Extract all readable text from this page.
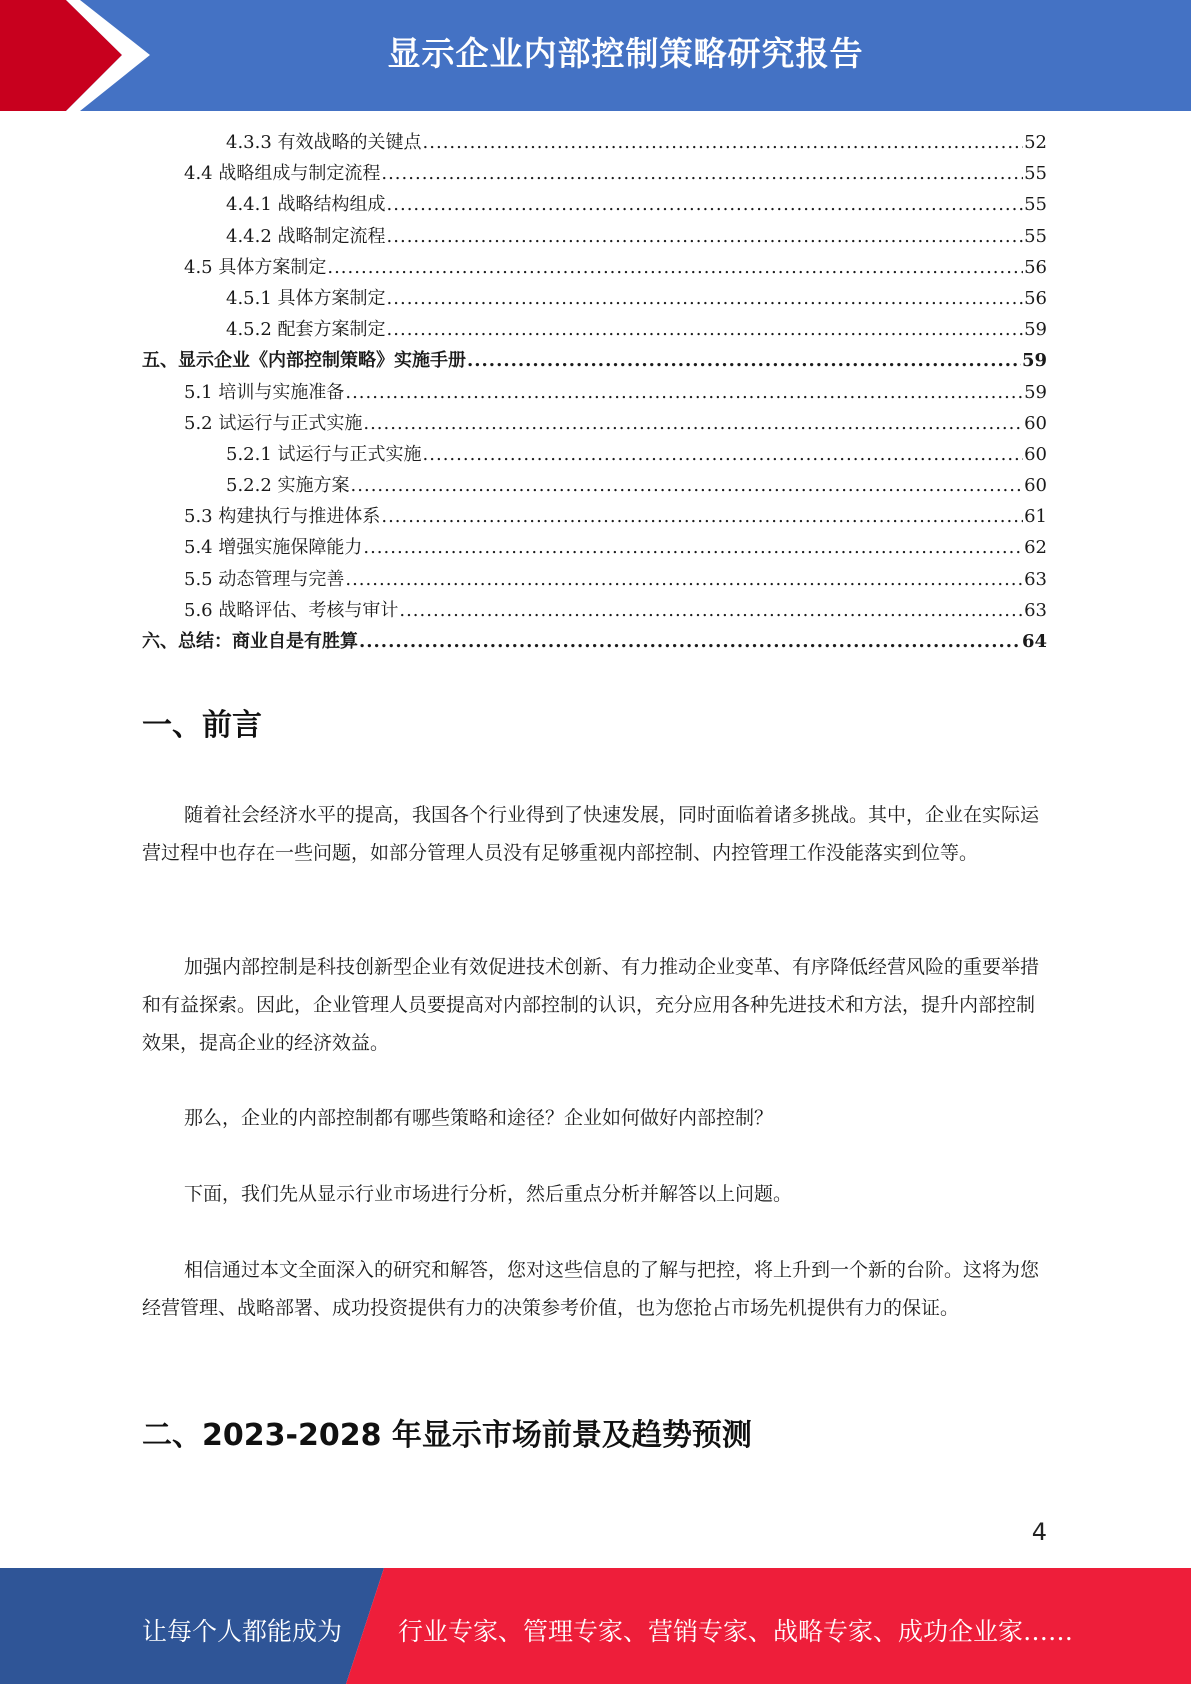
显示企业内部控制策略研究报告
4.3.3 有效战略的关键点 .....	52
4.4 战略组成与制定流程 .....	55
4.4.1 战略结构组成 .....	55
4.4.2 战略制定流程 .....	55
4.5 具体方案制定 .....	56
4.5.1 具体方案制定 .....	56
4.5.2 配套方案制定 .....	59
五、显示企业《内部控制策略》实施手册 .....	59
5.1 培训与实施准备 .....	59
5.2 试运行与正式实施 .....	60
5.2.1 试运行与正式实施 .....	60
5.2.2 实施方案 .....	60
5.3 构建执行与推进体系 .....	61
5.4 增强实施保障能力 .....	62
5.5 动态管理与完善 .....	63
5.6 战略评估、考核与审计 .....	63
六、总结：商业自是有胜算 .....	64
一、前言

随着社会经济水平的提高，我国各个行业得到了快速发展，同时面临着诸多挑战。其中，企业在实际运营过程中也存在一些问题，如部分管理人员没有足够重视内部控制、内控管理工作没能落实到位等。

加强内部控制是科技创新型企业有效促进技术创新、有力推动企业变革、有序降低经营风险的重要举措和有益探索。因此，企业管理人员要提高对内部控制的认识，充分应用各种先进技术和方法，提升内部控制效果，提高企业的经济效益。

那么，企业的内部控制都有哪些策略和途径？企业如何做好内部控制？

下面，我们先从显示行业市场进行分析，然后重点分析并解答以上问题。

相信通过本文全面深入的研究和解答，您对这些信息的了解与把控，将上升到一个新的台阶。这将为您经营管理、战略部署、成功投资提供有力的决策参考价值，也为您抢占市场先机提供有力的保证。

二、2023-2028 年显示市场前景及趋势预测
4
让每个人都能成为 行业专家、管理专家、营销专家、战略专家、成功企业家……
